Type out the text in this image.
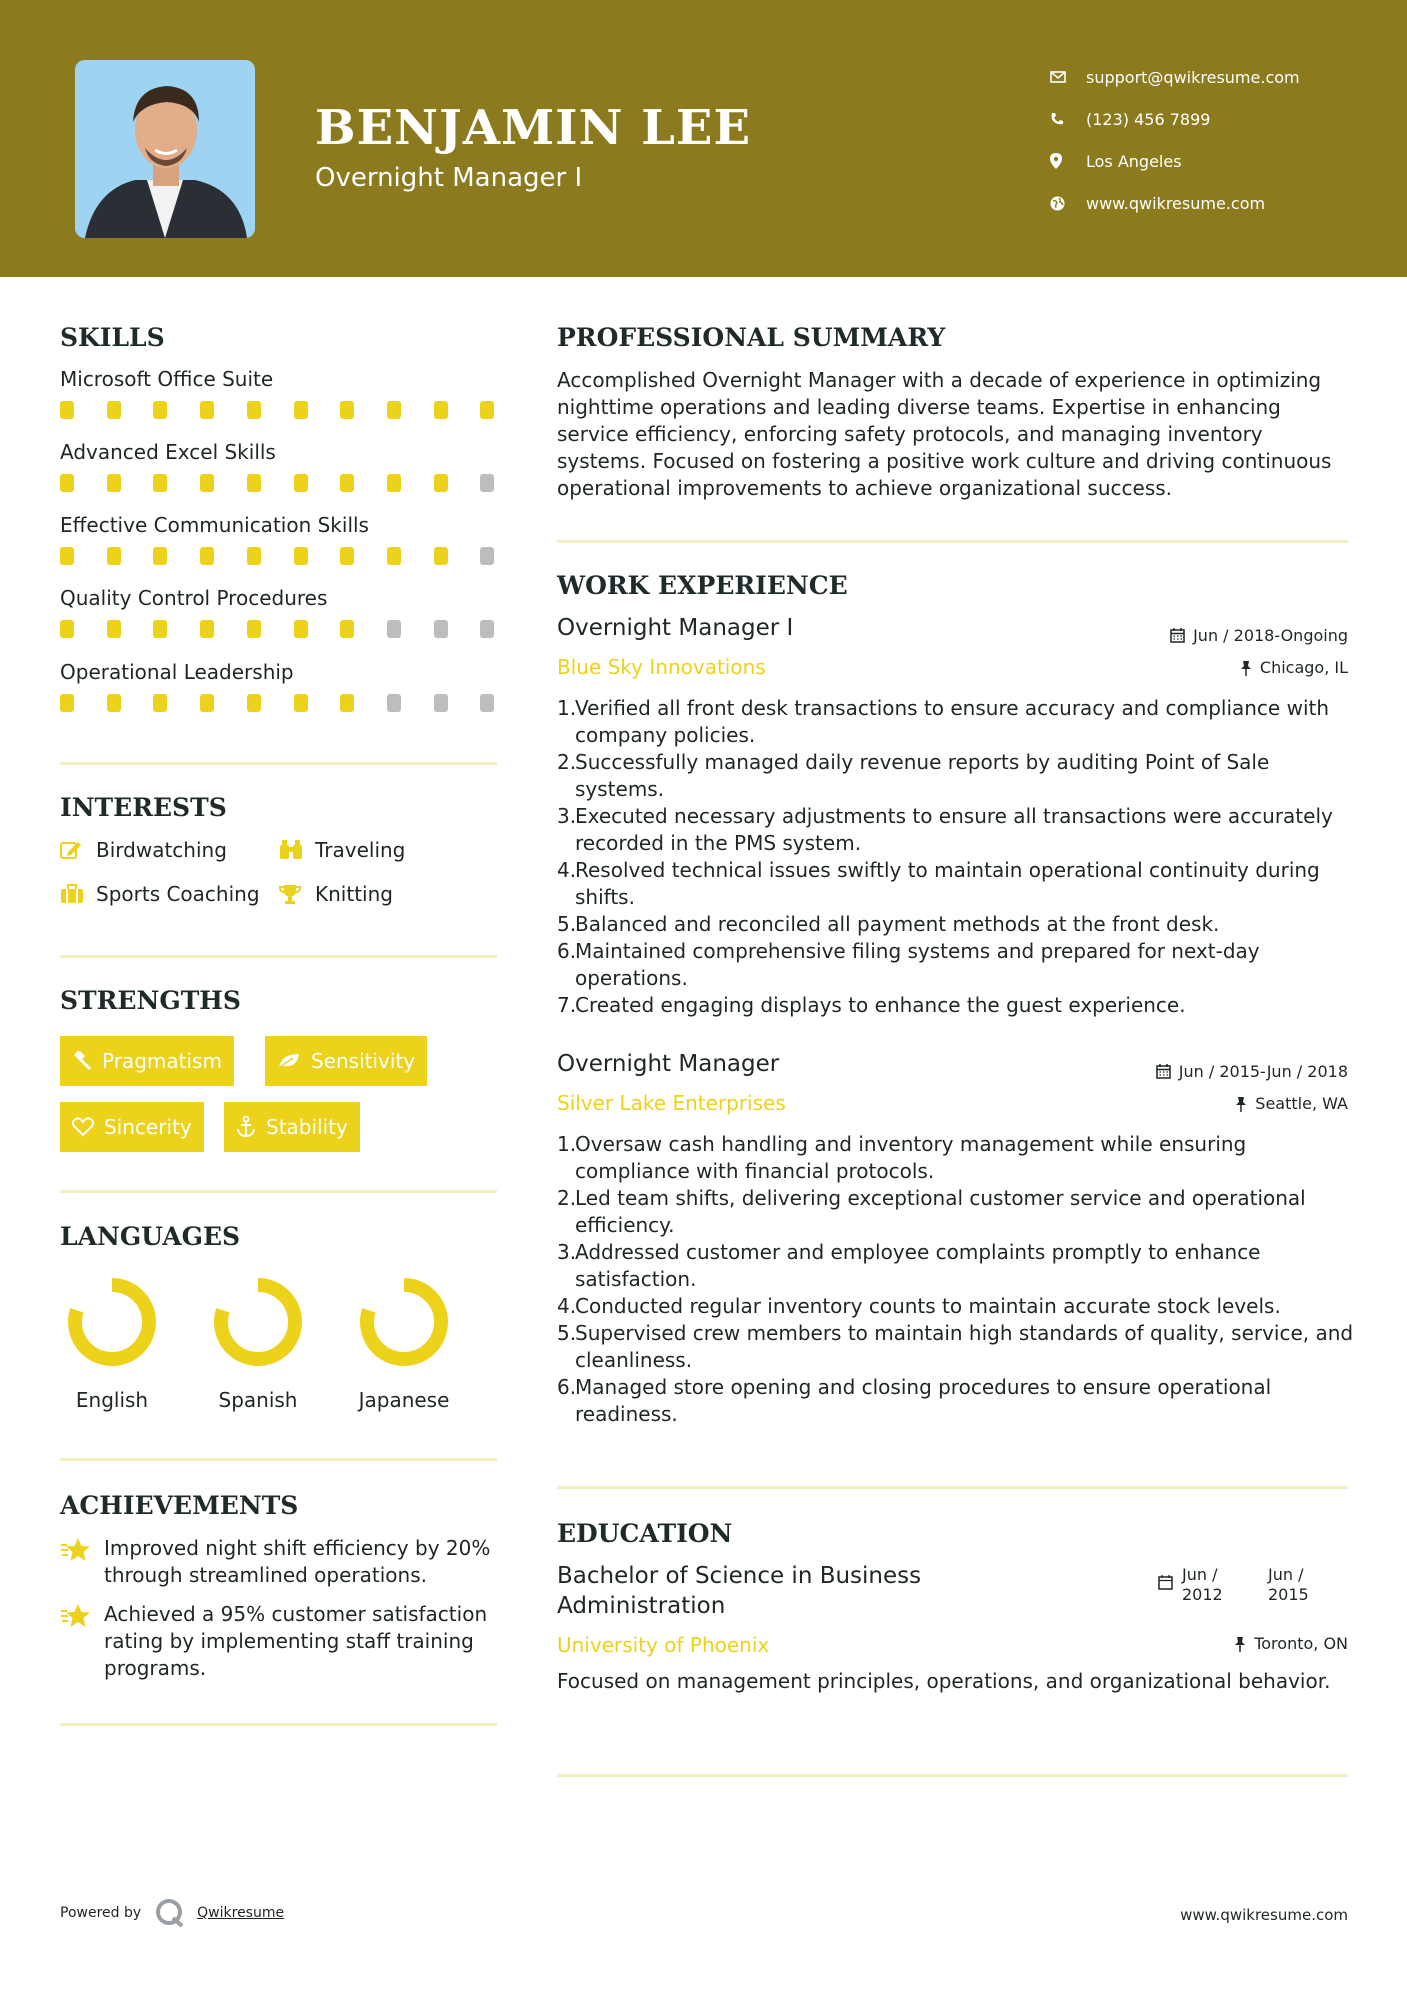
BENJAMIN LEE
Overnight Manager I
support@qwikresume.com
(123) 456 7899
Los Angeles
www.qwikresume.com
SKILLS
Microsoft Office Suite
Advanced Excel Skills
Effective Communication Skills
Quality Control Procedures
Operational Leadership
INTERESTS
Birdwatching	Traveling
Sports Coaching	Knitting
STRENGTHS
Pragmatism	Sensitivity
Sincerity	Stability
LANGUAGES
English	Spanish	Japanese
ACHIEVEMENTS
Improved night shift efficiency by 20% through streamlined operations.
Achieved a 95% customer satisfaction rating by implementing staff training programs.
PROFESSIONAL SUMMARY
Accomplished Overnight Manager with a decade of experience in optimizing nighttime operations and leading diverse teams. Expertise in enhancing service efficiency, enforcing safety protocols, and managing inventory systems. Focused on fostering a positive work culture and driving continuous operational improvements to achieve organizational success.
WORK EXPERIENCE
Overnight Manager I
Blue Sky Innovations
Jun / 2018-Ongoing
Chicago, IL
1.
Verified all front desk transactions to ensure accuracy and compliance with company policies.
2.
Successfully managed daily revenue reports by auditing Point of Sale systems.
3.
Executed necessary adjustments to ensure all transactions were accurately recorded in the PMS system.
4.
Resolved technical issues swiftly to maintain operational continuity during shifts.
5.
Balanced and reconciled all payment methods at the front desk.
6.
Maintained comprehensive filing systems and prepared for next-day operations.
7.
Created engaging displays to enhance the guest experience.
Overnight Manager
Silver Lake Enterprises
Jun / 2015-Jun / 2018
Seattle, WA
1.
Oversaw cash handling and inventory management while ensuring compliance with financial protocols.
2.
Led team shifts, delivering exceptional customer service and operational efficiency.
3.
Addressed customer and employee complaints promptly to enhance satisfaction.
4.
Conducted regular inventory counts to maintain accurate stock levels.
5.
Supervised crew members to maintain high standards of quality, service, and cleanliness.
6.
Managed store opening and closing procedures to ensure operational readiness.
EDUCATION
Bachelor of Science in Business
Administration
University of Phoenix
Jun /
2012
Jun /
2015
Toronto, ON
Focused on management principles, operations, and organizational behavior.
Powered by	Qwikresume	www.qwikresume.com
